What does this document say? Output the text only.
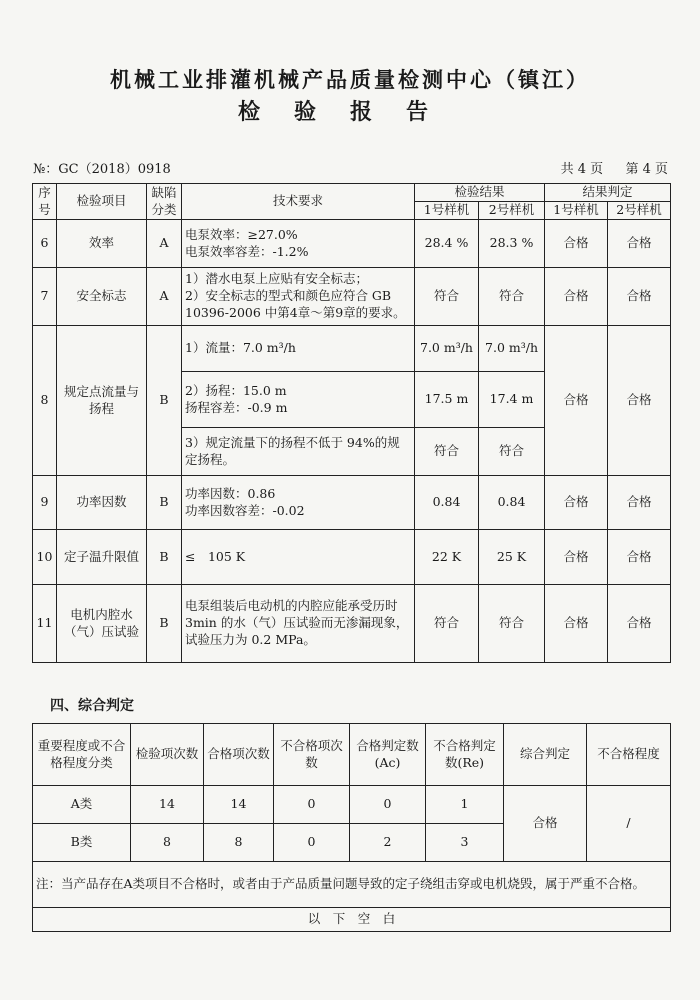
机械工业排灌机械产品质量检测中心（镇江）
检验报告
№：GC（2018）0918	共 4 页 第 4 页
序号	检验项目	缺陷分类	技术要求	检验结果		结果判定	
				1号样机	2号样机	1号样机	2号样机
6	效率	A	电泵效率：≥27.0%
电泵效率容差：-1.2%	28.4 %	28.3 %	合格	合格
7	安全标志	A	1）潜水电泵上应贴有安全标志；
2）安全标志的型式和颜色应符合 GB 10396-2006 中第4章～第9章的要求。	符合	符合	合格	合格
8	规定点流量与扬程	B	1）流量：7.0 m³/h	7.0 m³/h	7.0 m³/h	合格	合格

			2）扬程：15.0 m
扬程容差：-0.9 m	17.5 m	17.4 m		

			3）规定流量下的扬程不低于 94%的规定扬程。	符合	符合		
9	功率因数	B	功率因数：0.86
功率因数容差：-0.02	0.84	0.84	合格	合格
10	定子温升限值	B	≤　105 K	22 K	25 K	合格	合格
11	电机内腔水（气）压试验	B	电泵组装后电动机的内腔应能承受历时 3min 的水（气）压试验而无渗漏现象，试验压力为 0.2 MPa。	符合	符合	合格	合格
四、综合判定
重要程度或不合格程度分类	检验项次数	合格项次数	不合格项次数	合格判定数(Ac)	不合格判定数(Re)	综合判定	不合格程度
A类	14	14	0	0	1	合格	/
B类	8	8	0	2	3		
注：当产品存在A类项目不合格时，或者由于产品质量问题导致的定子绕组击穿或电机烧毁，属于严重不合格。							
以　下　空　白							
